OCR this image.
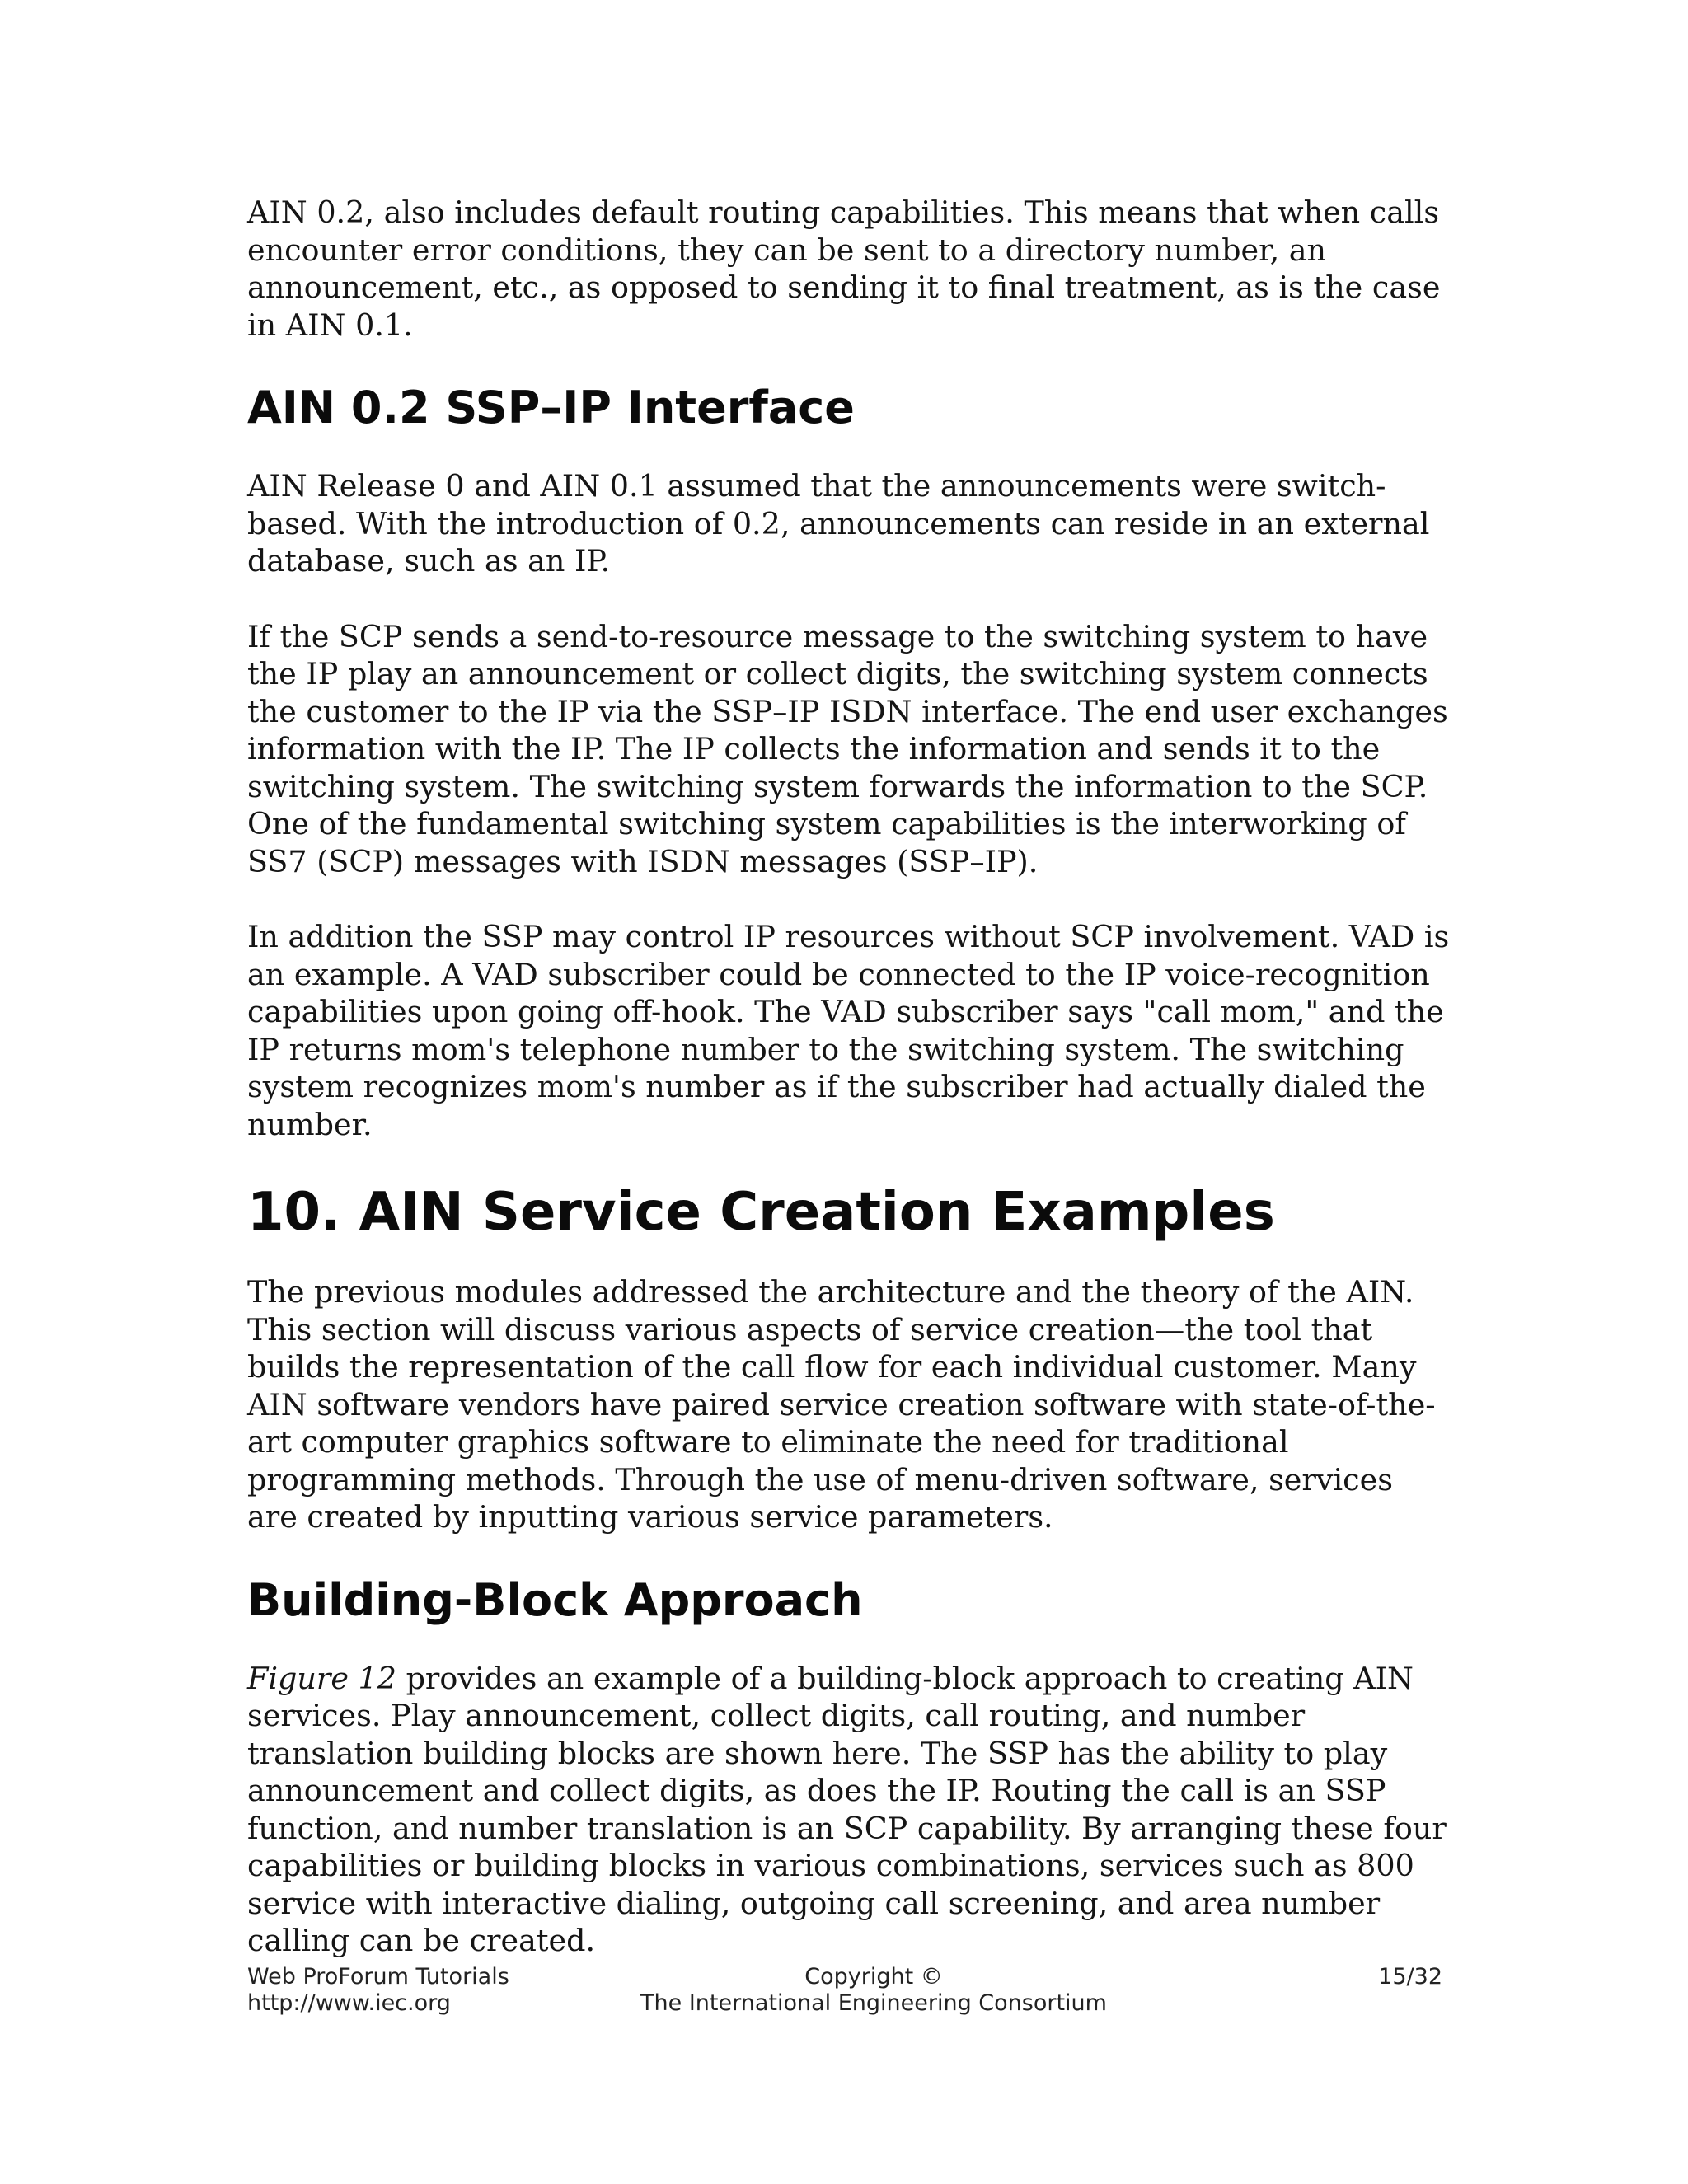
AIN 0.2, also includes default routing capabilities. This means that when calls encounter error conditions, they can be sent to a directory number, an announcement, etc., as opposed to sending it to final treatment, as is the case in AIN 0.1.

AIN 0.2 SSP–IP Interface

AIN Release 0 and AIN 0.1 assumed that the announcements were switch-based. With the introduction of 0.2, announcements can reside in an external database, such as an IP.

If the SCP sends a send-to-resource message to the switching system to have the IP play an announcement or collect digits, the switching system connects the customer to the IP via the SSP–IP ISDN interface. The end user exchanges information with the IP. The IP collects the information and sends it to the switching system. The switching system forwards the information to the SCP. One of the fundamental switching system capabilities is the interworking of SS7 (SCP) messages with ISDN messages (SSP–IP).

In addition the SSP may control IP resources without SCP involvement. VAD is an example. A VAD subscriber could be connected to the IP voice-recognition capabilities upon going off-hook. The VAD subscriber says "call mom," and the IP returns mom's telephone number to the switching system. The switching system recognizes mom's number as if the subscriber had actually dialed the number.

10. AIN Service Creation Examples

The previous modules addressed the architecture and the theory of the AIN. This section will discuss various aspects of service creation—the tool that builds the representation of the call flow for each individual customer. Many AIN software vendors have paired service creation software with state-of-the-art computer graphics software to eliminate the need for traditional programming methods. Through the use of menu-driven software, services are created by inputting various service parameters.

Building-Block Approach

Figure 12 provides an example of a building-block approach to creating AIN services. Play announcement, collect digits, call routing, and number translation building blocks are shown here. The SSP has the ability to play announcement and collect digits, as does the IP. Routing the call is an SSP function, and number translation is an SCP capability. By arranging these four capabilities or building blocks in various combinations, services such as 800 service with interactive dialing, outgoing call screening, and area number calling can be created.

Web ProForum Tutorials
http://www.iec.org
Copyright ©
The International Engineering Consortium
15/32
